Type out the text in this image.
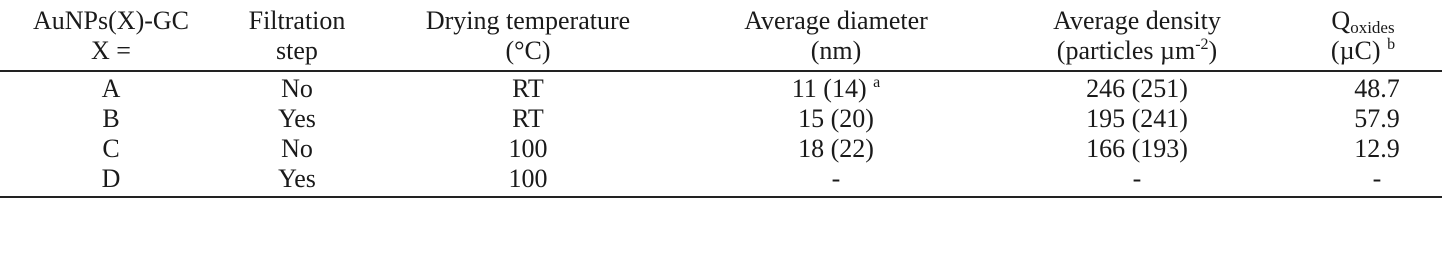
AuNPs(X)-GC	Filtration	Drying temperature	Average diameter	Average density	$Q_{oxides}$
X =	step	(°C)	(nm)	(particles µm$^{-2}$)	(µC) $^b$
A	No	RT	11 (14) $^a$	246 (251)	48.7
B	Yes	RT	15 (20)	195 (241)	57.9
C	No	100	18 (22)	166 (193)	12.9
D	Yes	100	-	-	-
